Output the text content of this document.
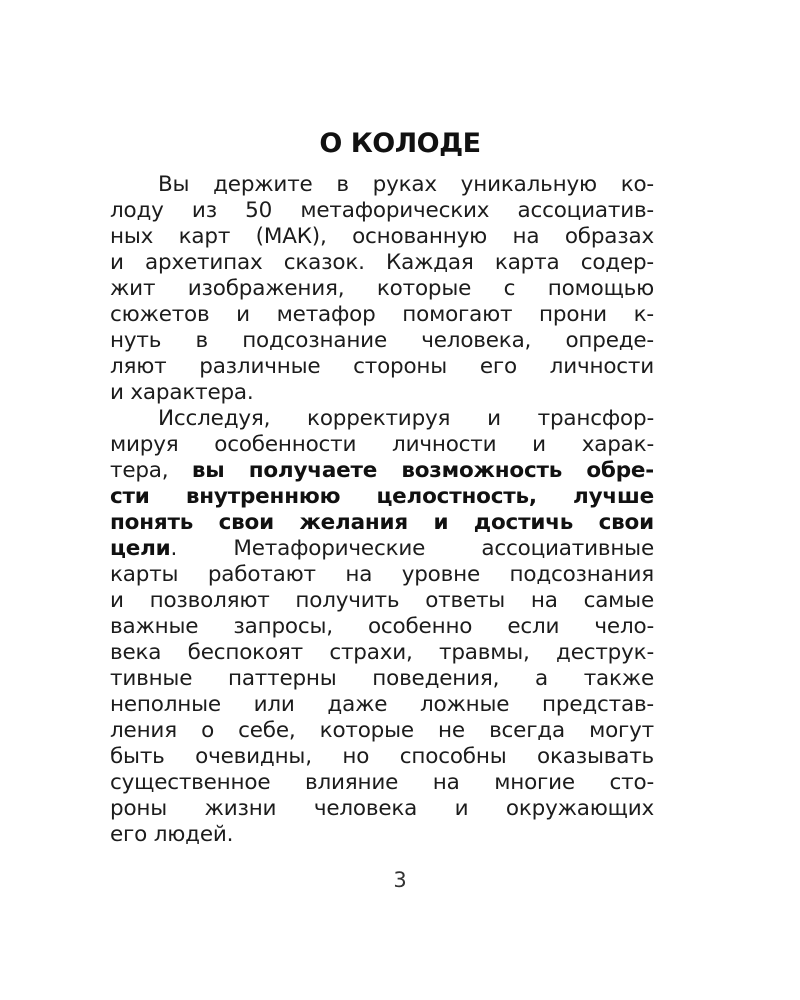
О КОЛОДЕ
Вы держите в руках уникальную ко-
лоду из 50 метафорических ассоциатив-
ных карт (МАК), основанную на образах
и архетипах сказок. Каждая карта содер-
жит изображения, которые с помощью
сюжетов и метафор помогают прони к-
нуть в подсознание человека, опреде-
ляют различные стороны его личности
и характера.
Исследуя, корректируя и трансфор-
мируя особенности личности и харак-
тера, вы получаете возможность обре-
сти внутреннюю целостность, лучше
понять свои желания и достичь свои
цели. Метафорические ассоциативные
карты работают на уровне подсознания
и позволяют получить ответы на самые
важные запросы, особенно если чело-
века беспокоят страхи, травмы, деструк-
тивные паттерны поведения, а также
неполные или даже ложные представ-
ления о себе, которые не всегда могут
быть очевидны, но способны оказывать
существенное влияние на многие сто-
роны жизни человека и окружающих
его людей.
3
